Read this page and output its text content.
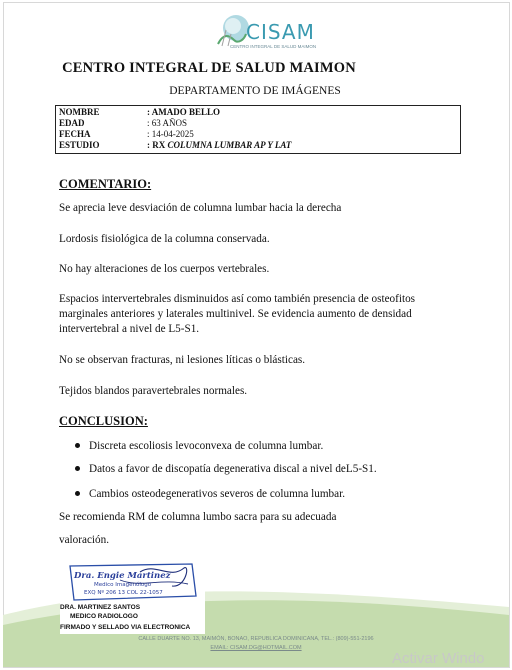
CISAM
CENTRO INTEGRAL DE SALUD MAIMON
CENTRO INTEGRAL DE SALUD MAIMON
DEPARTAMENTO DE IMÁGENES
NOMBRE	: AMADO BELLO
EDAD	: 63 AÑOS
FECHA	: 14-04-2025
ESTUDIO	: RX COLUMNA LUMBAR AP Y LAT
COMENTARIO:
Se aprecia leve desviación de columna lumbar hacia la derecha
Lordosis fisiológica de la columna conservada.
No hay alteraciones de los cuerpos vertebrales.
Espacios intervertebrales disminuidos así como también presencia de osteofitos marginales anteriores y laterales multinivel. Se evidencia aumento de densidad intervertebral a nivel de L5-S1.
No se observan fracturas, ni lesiones líticas o blásticas.
Tejidos blandos paravertebrales normales.
CONCLUSION:
Discreta escoliosis levoconvexa de columna lumbar.
Datos a favor de discopatía degenerativa discal a nivel deL5-S1.
Cambios osteodegenerativos severos de columna lumbar.
Se recomienda RM de columna lumbo sacra para su adecuada
valoración.
Dra. Engie Martinez
Medico Imagenólogo
EXQ Nº 206 13 COL 22-1057
DRA. MARTINEZ SANTOS
MEDICO RADIOLOGO
FIRMADO Y SELLADO VIA ELECTRONICA
CALLE DUARTE NO. 13, MAIMÓN, BONAO, REPUBLICA DOMINICANA, TEL.: (809)-551-2196
EMAIL: CISAM.DG@HOTMAIL.COM
Activar Windo
